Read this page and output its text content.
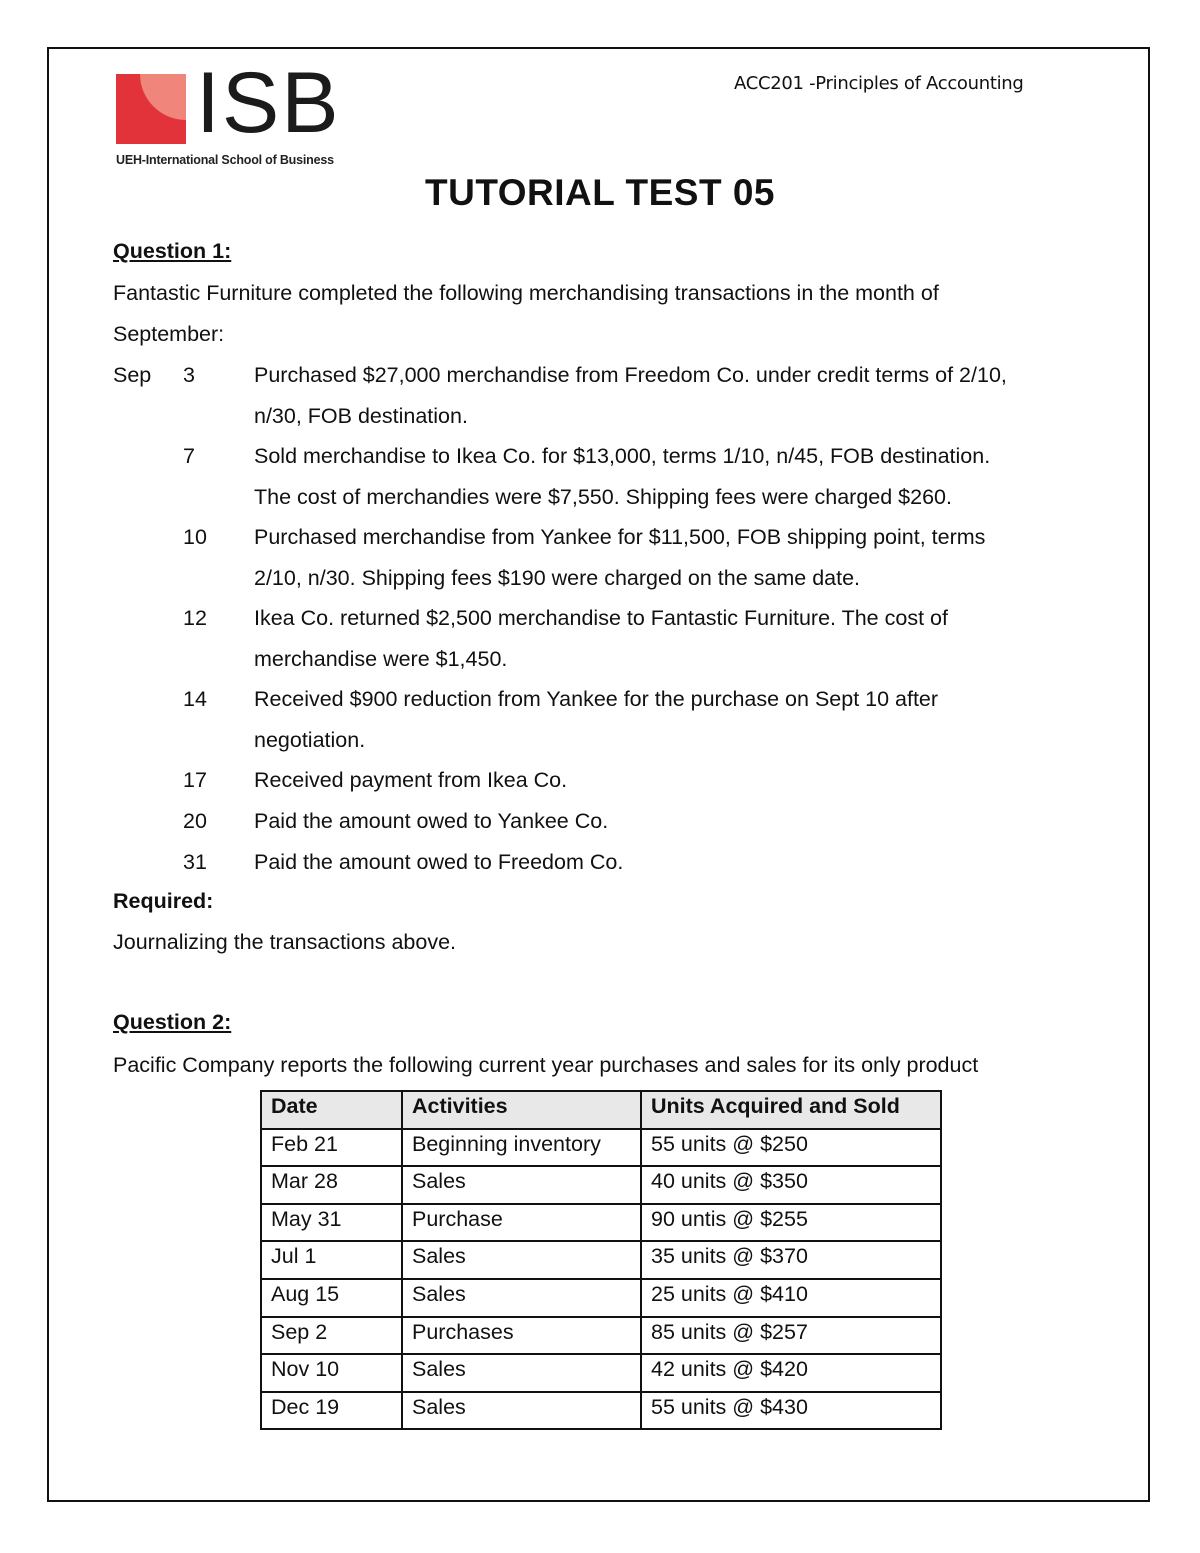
ISB
UEH-International School of Business
ACC201 -Principles of Accounting
TUTORIAL TEST 05
Question 1:
Fantastic Furniture completed the following merchandising transactions in the month of
September:
Sep 3	Purchased $27,000 merchandise from Freedom Co. under credit terms of 2/10,
n/30, FOB destination.
7	Sold merchandise to Ikea Co. for $13,000, terms 1/10, n/45, FOB destination.
The cost of merchandies were $7,550. Shipping fees were charged $260.
10 Purchased merchandise from Yankee for $11,500, FOB shipping point, terms
2/10, n/30. Shipping fees $190 were charged on the same date.
12 Ikea Co. returned $2,500 merchandise to Fantastic Furniture. The cost of
merchandise were $1,450.
14 Received $900 reduction from Yankee for the purchase on Sept 10 after
negotiation.
17 Received payment from Ikea Co.
20 Paid the amount owed to Yankee Co.
31 Paid the amount owed to Freedom Co.
Required:
Journalizing the transactions above.
Question 2:
Pacific Company reports the following current year purchases and sales for its only product
Date	Activities	Units Acquired and Sold
Feb 21	Beginning inventory	55 units @ $250
Mar 28	Sales	40 units @ $350
May 31	Purchase	90 untis @ $255
Jul 1	Sales	35 units @ $370
Aug 15	Sales	25 units @ $410
Sep 2	Purchases	85 units @ $257
Nov 10	Sales	42 units @ $420
Dec 19	Sales	55 units @ $430
